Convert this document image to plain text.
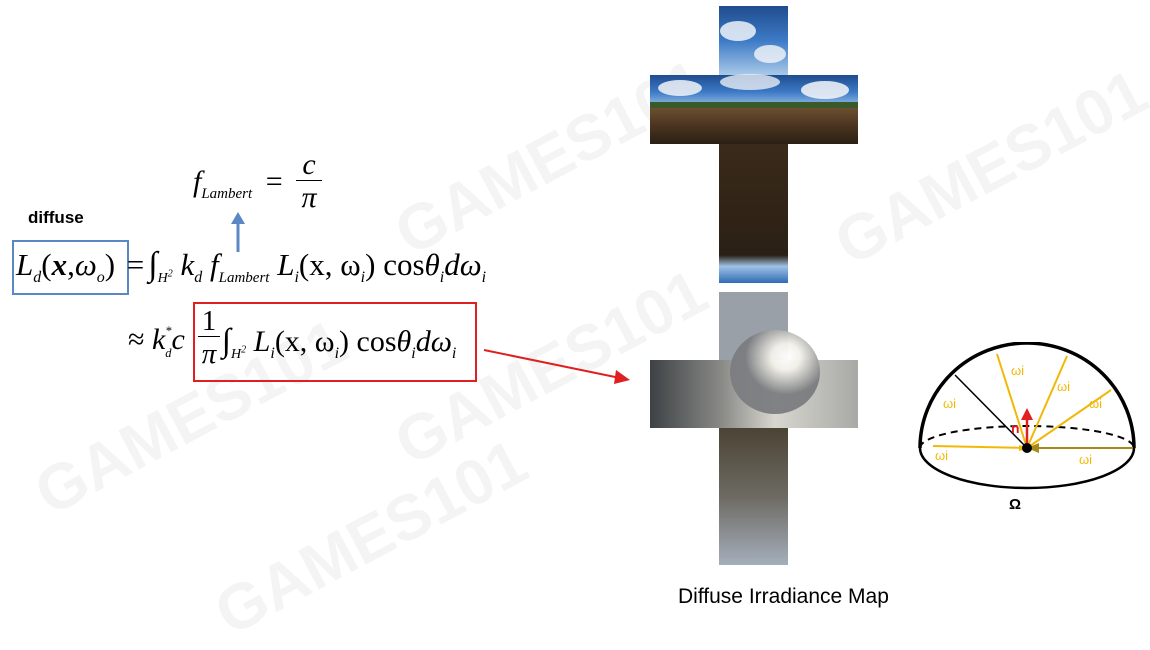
diffuse
$f_{Lambert}$ =
c
π
$L_d(x,\omega_o) = \int_{H^2}$ $k_d$ $f_{Lambert}$ $L_i(x$, $\omega_i$) $\cos\theta_id\omega_i$
≈ k*
$_d$c
1
π $\int_{H^2}$ $L_i(x$, $\omega_i$) $\cos\theta_id\omega_i$
Diffuse Irradiance Map
n
ωi
ωi
ωi
ωi
ωi	ωi
Ω
